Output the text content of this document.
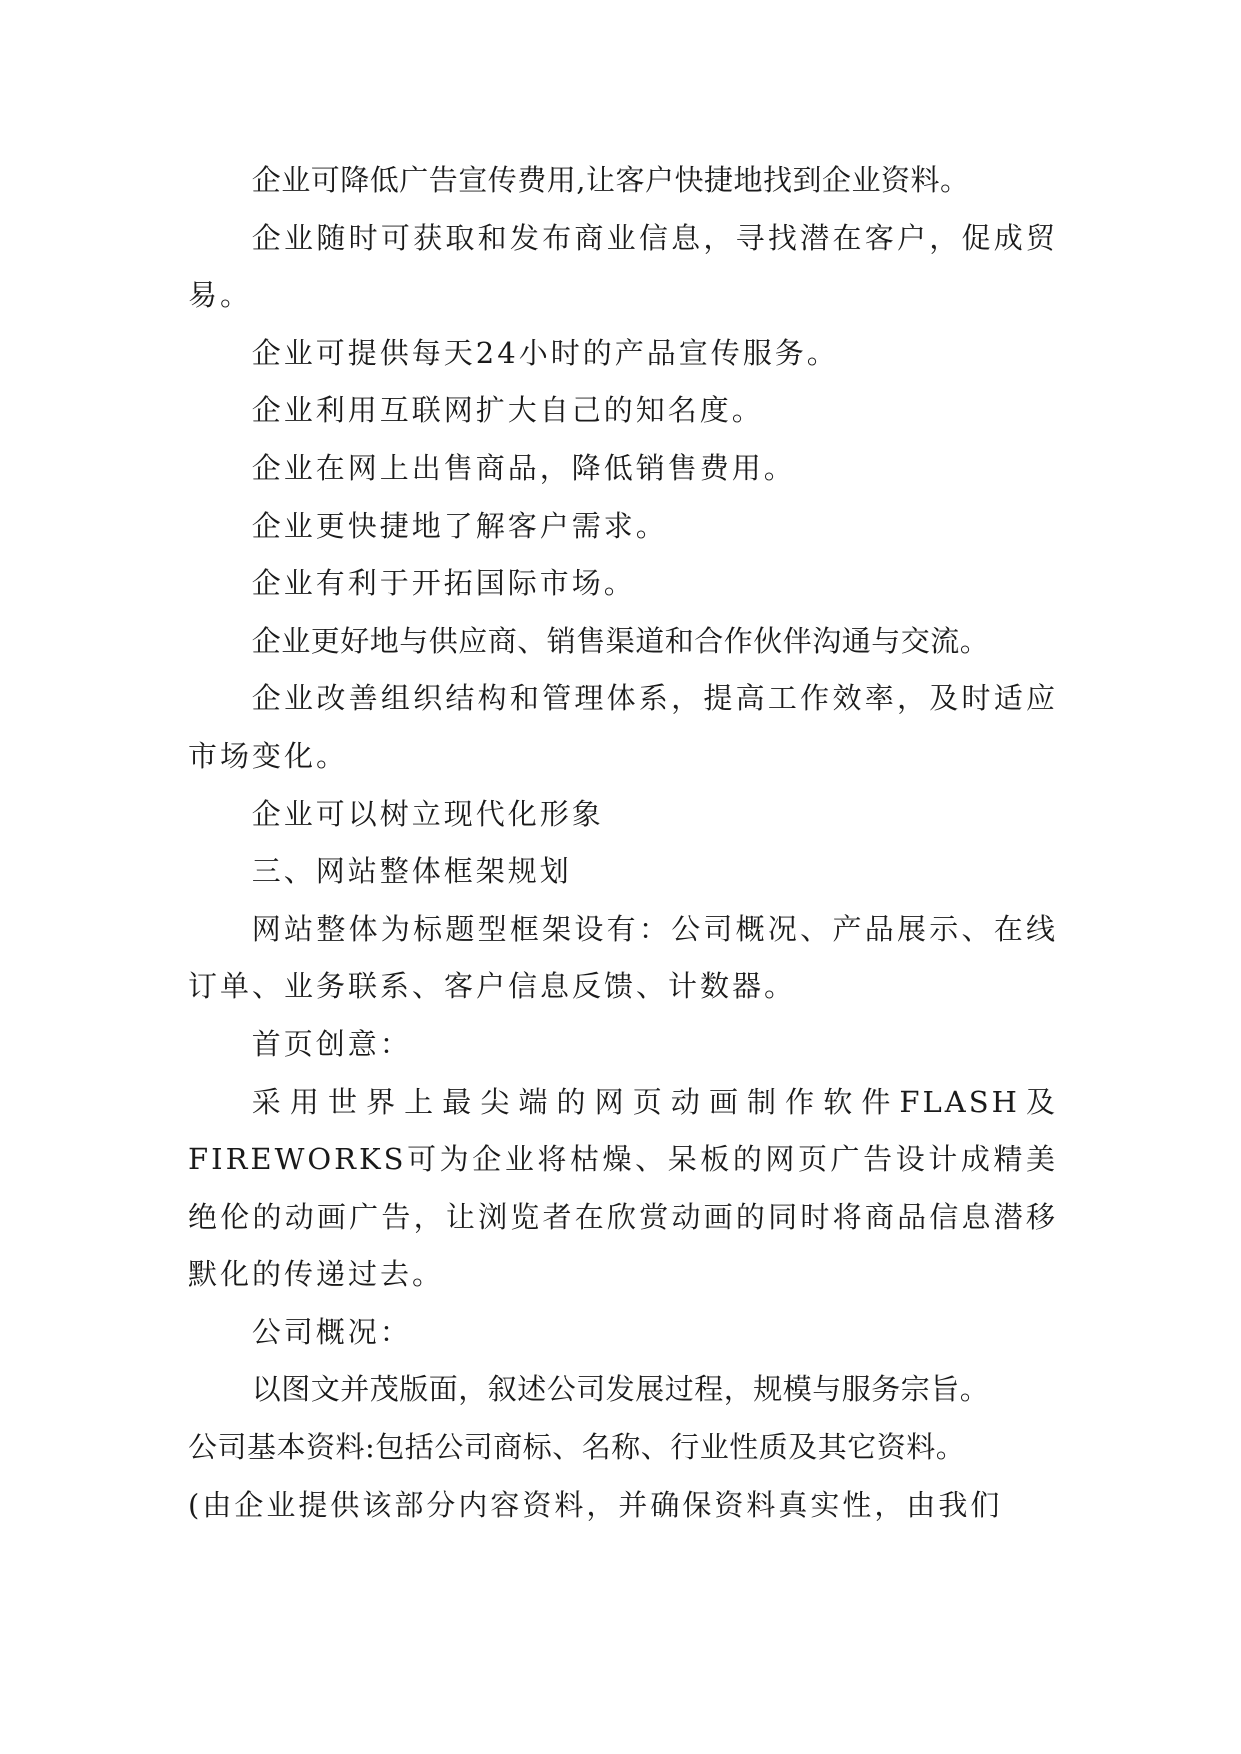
企业可降低广告宣传费用,让客户快捷地找到企业资料。

企业随时可获取和发布商业信息，寻找潜在客户，促成贸易。

企业可提供每天24小时的产品宣传服务。

企业利用互联网扩大自己的知名度。

企业在网上出售商品，降低销售费用。

企业更快捷地了解客户需求。

企业有利于开拓国际市场。

企业更好地与供应商、销售渠道和合作伙伴沟通与交流。

企业改善组织结构和管理体系，提高工作效率，及时适应市场变化。

企业可以树立现代化形象

三、网站整体框架规划

网站整体为标题型框架设有：公司概况、产品展示、在线订单、业务联系、客户信息反馈、计数器。

首页创意：

采用世界上最尖端的网页动画制作软件FLASH及FIREWORKS可为企业将枯燥、呆板的网页广告设计成精美绝伦的动画广告，让浏览者在欣赏动画的同时将商品信息潜移默化的传递过去。

公司概况：

以图文并茂版面，叙述公司发展过程，规模与服务宗旨。

公司基本资料:包括公司商标、名称、行业性质及其它资料。

(由企业提供该部分内容资料，并确保资料真实性，由我们
